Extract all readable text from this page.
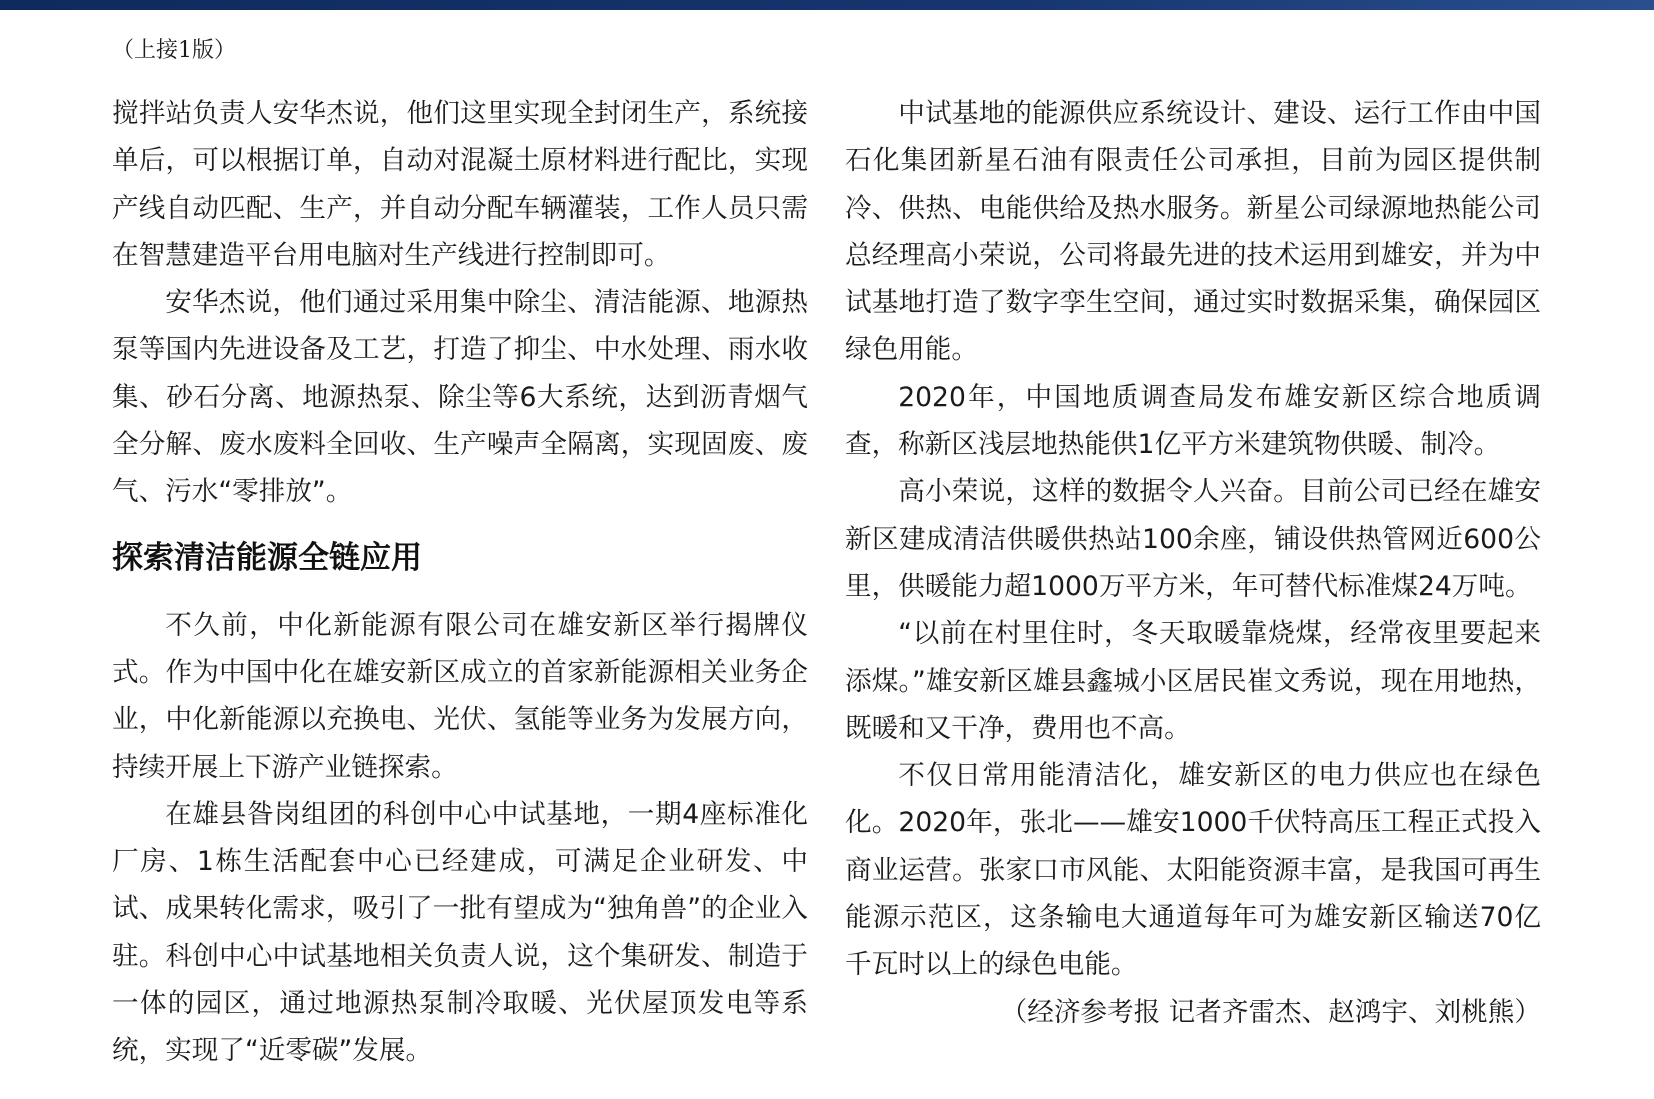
（上接1版）

搅拌站负责人安华杰说，他们这里实现全封闭生产，系统接单后，可以根据订单，自动对混凝土原材料进行配比，实现产线自动匹配、生产，并自动分配车辆灌装，工作人员只需在智慧建造平台用电脑对生产线进行控制即可。

安华杰说，他们通过采用集中除尘、清洁能源、地源热泵等国内先进设备及工艺，打造了抑尘、中水处理、雨水收集、砂石分离、地源热泵、除尘等6大系统，达到沥青烟气全分解、废水废料全回收、生产噪声全隔离，实现固废、废气、污水“零排放”。

探索清洁能源全链应用

不久前，中化新能源有限公司在雄安新区举行揭牌仪式。作为中国中化在雄安新区成立的首家新能源相关业务企业，中化新能源以充换电、光伏、氢能等业务为发展方向，持续开展上下游产业链探索。

在雄县昝岗组团的科创中心中试基地，一期4座标准化厂房、1栋生活配套中心已经建成，可满足企业研发、中试、成果转化需求，吸引了一批有望成为“独角兽”的企业入驻。科创中心中试基地相关负责人说，这个集研发、制造于一体的园区，通过地源热泵制冷取暖、光伏屋顶发电等系统，实现了“近零碳”发展。

中试基地的能源供应系统设计、建设、运行工作由中国石化集团新星石油有限责任公司承担，目前为园区提供制冷、供热、电能供给及热水服务。新星公司绿源地热能公司总经理高小荣说，公司将最先进的技术运用到雄安，并为中试基地打造了数字孪生空间，通过实时数据采集，确保园区绿色用能。

2020年，中国地质调查局发布雄安新区综合地质调查，称新区浅层地热能供1亿平方米建筑物供暖、制冷。

高小荣说，这样的数据令人兴奋。目前公司已经在雄安新区建成清洁供暖供热站100余座，铺设供热管网近600公里，供暖能力超1000万平方米，年可替代标准煤24万吨。

“以前在村里住时，冬天取暖靠烧煤，经常夜里要起来添煤。”雄安新区雄县鑫城小区居民崔文秀说，现在用地热，既暖和又干净，费用也不高。

不仅日常用能清洁化，雄安新区的电力供应也在绿色化。2020年，张北——雄安1000千伏特高压工程正式投入商业运营。张家口市风能、太阳能资源丰富，是我国可再生能源示范区，这条输电大通道每年可为雄安新区输送70亿千瓦时以上的绿色电能。

（经济参考报 记者齐雷杰、赵鸿宇、刘桃熊）
